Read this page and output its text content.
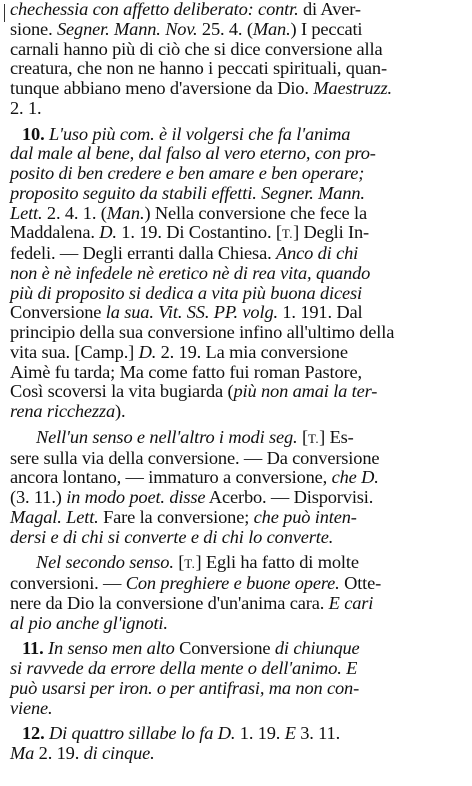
chechessia con affetto deliberato: contr. di Aver-
sione. Segner. Mann. Nov. 25. 4. (Man.) I peccati
carnali hanno più di ciò che si dice conversione alla
creatura, che non ne hanno i peccati spirituali, quan-
tunque abbiano meno d'aversione da Dio. Maestruzz.
2. 1.
10. L'uso più com. è il volgersi che fa l'anima
dal male al bene, dal falso al vero eterno, con pro-
posito di ben credere e ben amare e ben operare;
proposito seguito da stabili effetti. Segner. Mann.
Lett. 2. 4. 1. (Man.) Nella conversione che fece la
Maddalena. D. 1. 19. Di Costantino. [T.] Degli In-
fedeli. — Degli erranti dalla Chiesa. Anco di chi
non è nè infedele nè eretico nè di rea vita, quando
più di proposito si dedica a vita più buona dicesi
Conversione la sua. Vit. SS. PP. volg. 1. 191. Dal
principio della sua conversione infino all'ultimo della
vita sua. [Camp.] D. 2. 19. La mia conversione
Aimè fu tarda; Ma come fatto fui roman Pastore,
Così scoversi la vita bugiarda (più non amai la ter-
rena ricchezza).
Nell'un senso e nell'altro i modi seg. [T.] Es-
sere sulla via della conversione. — Da conversione
ancora lontano, — immaturo a conversione, che D.
(3. 11.) in modo poet. disse Acerbo. — Disporvisi.
Magal. Lett. Fare la conversione; che può inten-
dersi e di chi si converte e di chi lo converte.
Nel secondo senso. [T.] Egli ha fatto di molte
conversioni. — Con preghiere e buone opere. Otte-
nere da Dio la conversione d'un'anima cara. E cari
al pio anche gl'ignoti.
11. In senso men alto Conversione di chiunque
si ravvede da errore della mente o dell'animo. E
può usarsi per iron. o per antifrasi, ma non con-
viene.
12. Di quattro sillabe lo fa D. 1. 19. E 3. 11.
Ma 2. 19. di cinque.
